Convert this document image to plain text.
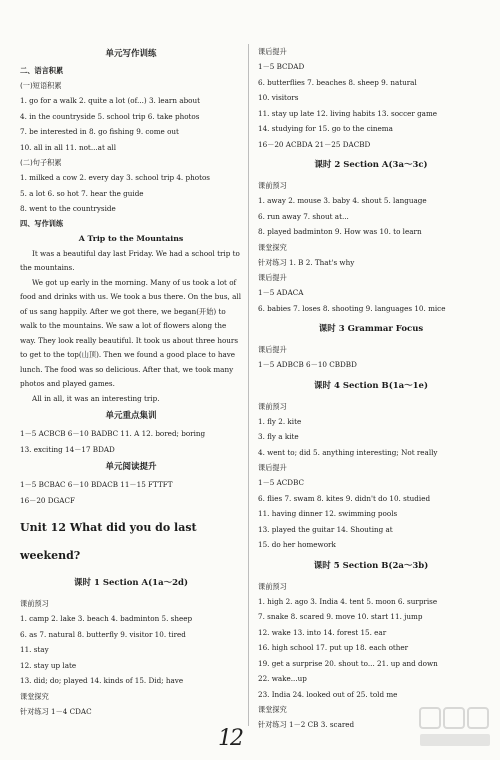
单元写作训练
二、语言积累
(一)短语积累
1. go for a walk 2. quite a lot (of...) 3. learn about
4. in the countryside 5. school trip 6. take photos
7. be interested in 8. go fishing 9. come out
10. all in all 11. not...at all
(二)句子积累
1. milked a cow 2. every day 3. school trip 4. photos
5. a lot 6. so hot 7. hear the guide
8. went to the countryside
四、写作训练
A Trip to the Mountains
It was a beautiful day last Friday. We had a school trip to the mountains.
We got up early in the morning. Many of us took a lot of food and drinks with us. We took a bus there. On the bus, all of us sang happily. After we got there, we began(开始) to walk to the mountains. We saw a lot of flowers along the way. They look really beautiful. It took us about three hours to get to the top(山顶). Then we found a good place to have lunch. The food was so delicious. After that, we took many photos and played games.
All in all, it was an interesting trip.
单元重点集训
1－5 ACBCB 6－10 BADBC 11. A 12. bored; boring
13. exciting 14－17 BDAD
单元阅读提升
1－5 BCBAC 6－10 BDACB 11－15 FTTFT
16－20 DGACF
Unit 12 What did you do last weekend?
课时 1 Section A(1a～2d)
课前预习
1. camp 2. lake 3. beach 4. badminton 5. sheep
6. as 7. natural 8. butterfly 9. visitor 10. tired
11. stay
12. stay up late
13. did; do; played 14. kinds of 15. Did; have
课堂探究
针对练习 1－4 CDAC
课后提升
1－5 BCDAD
6. butterflies 7. beaches 8. sheep 9. natural
10. visitors
11. stay up late 12. living habits 13. soccer game
14. studying for 15. go to the cinema
16－20 ACBDA 21－25 DACBD
课时 2 Section A(3a～3c)
课前预习
1. away 2. mouse 3. baby 4. shout 5. language
6. run away 7. shout at...
8. played badminton 9. How was 10. to learn
课堂探究
针对练习 1. B 2. That's why
课后提升
1－5 ADACA
6. babies 7. loses 8. shooting 9. languages 10. mice
课时 3 Grammar Focus
课后提升
1－5 ADBCB 6－10 CBDBD
课时 4 Section B(1a～1e)
课前预习
1. fly 2. kite
3. fly a kite
4. went to; did 5. anything interesting; Not really
课后提升
1－5 ACDBC
6. flies 7. swam 8. kites 9. didn't do 10. studied
11. having dinner 12. swimming pools
13. played the guitar 14. Shouting at
15. do her homework
课时 5 Section B(2a～3b)
课前预习
1. high 2. ago 3. India 4. tent 5. moon 6. surprise
7. snake 8. scared 9. move 10. start 11. jump
12. wake 13. into 14. forest 15. ear
16. high school 17. put up 18. each other
19. get a surprise 20. shout to... 21. up and down
22. wake...up
23. India 24. looked out of 25. told me
课堂探究
针对练习 1－2 CB 3. scared
12
